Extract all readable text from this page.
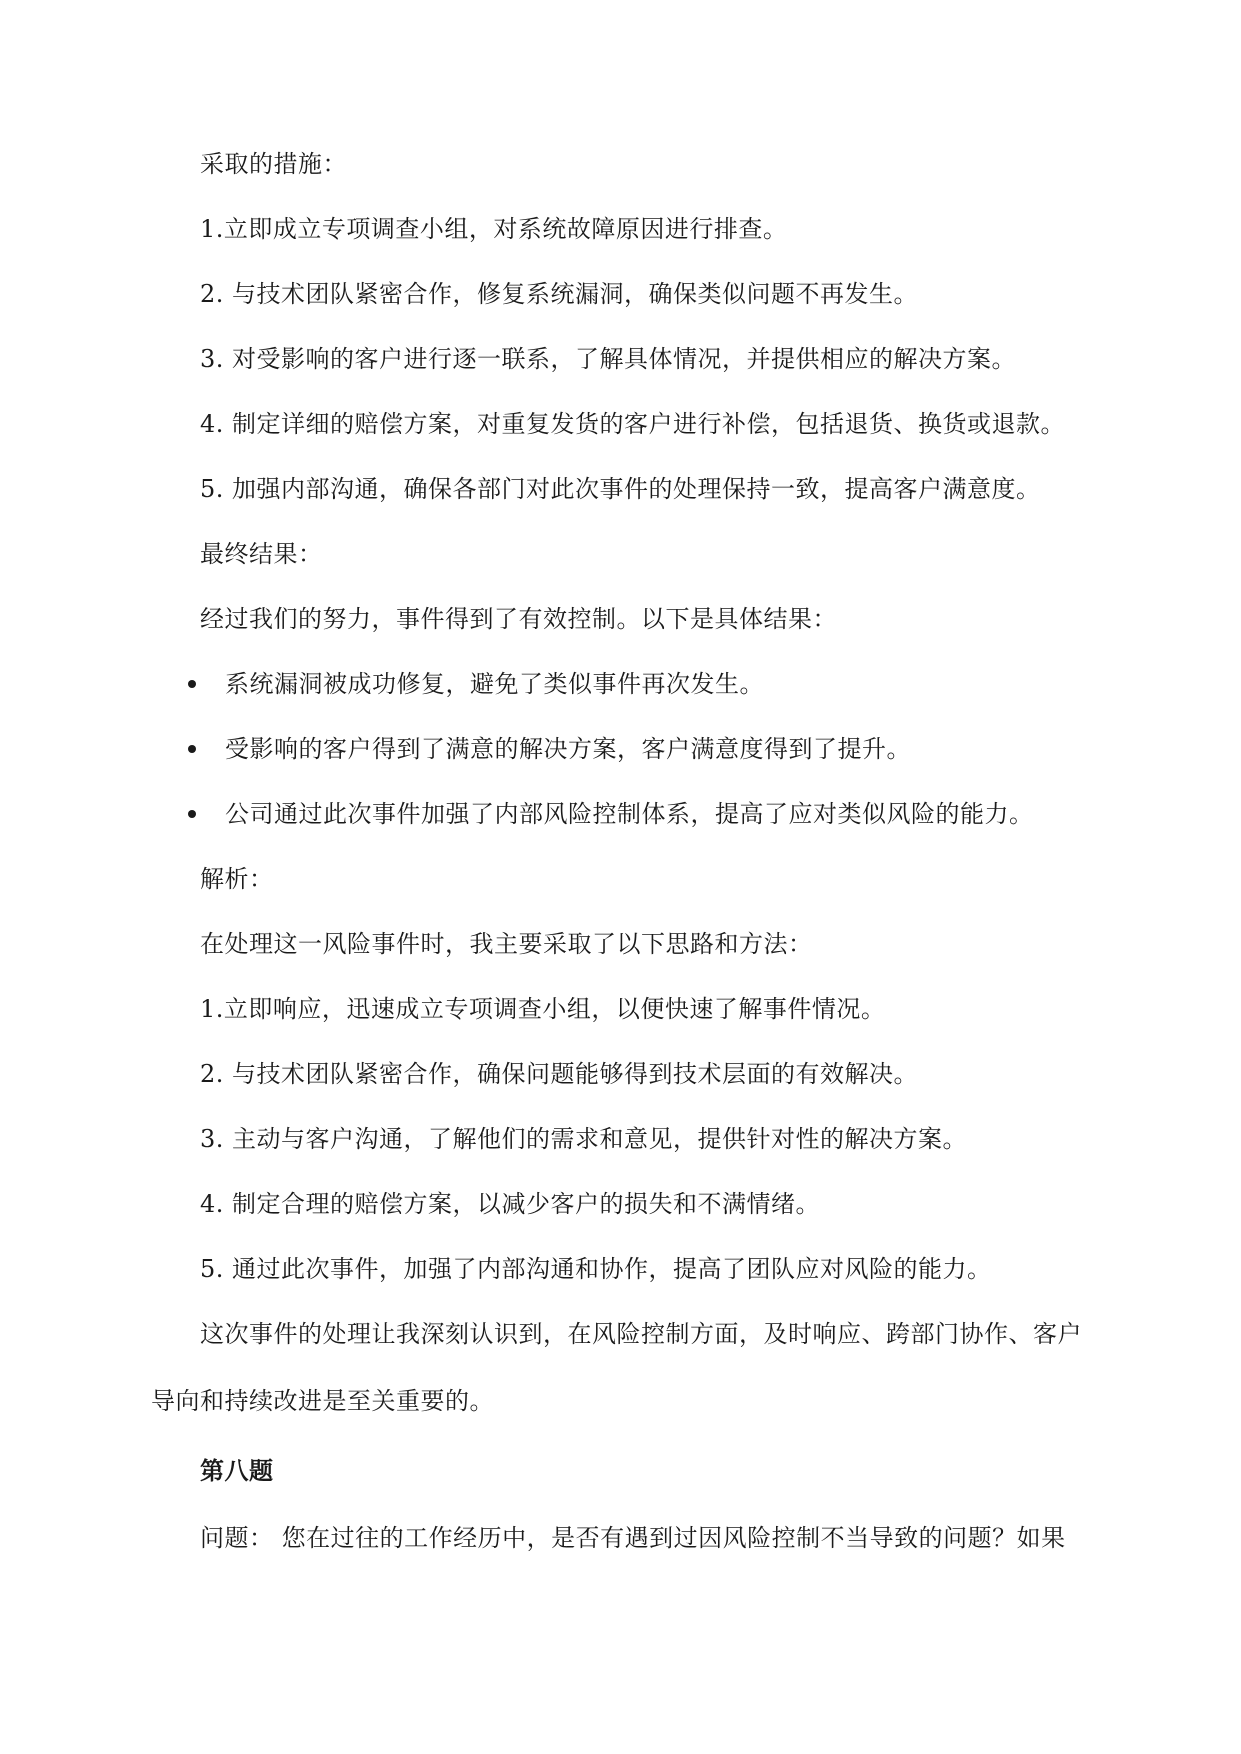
采取的措施：
1.立即成立专项调查小组，对系统故障原因进行排查。
2. 与技术团队紧密合作，修复系统漏洞，确保类似问题不再发生。
3. 对受影响的客户进行逐一联系，了解具体情况，并提供相应的解决方案。
4. 制定详细的赔偿方案，对重复发货的客户进行补偿，包括退货、换货或退款。
5. 加强内部沟通，确保各部门对此次事件的处理保持一致，提高客户满意度。
最终结果：
经过我们的努力，事件得到了有效控制。以下是具体结果：
系统漏洞被成功修复，避免了类似事件再次发生。
受影响的客户得到了满意的解决方案，客户满意度得到了提升。
公司通过此次事件加强了内部风险控制体系，提高了应对类似风险的能力。
解析：
在处理这一风险事件时，我主要采取了以下思路和方法：
1.立即响应，迅速成立专项调查小组，以便快速了解事件情况。
2. 与技术团队紧密合作，确保问题能够得到技术层面的有效解决。
3. 主动与客户沟通，了解他们的需求和意见，提供针对性的解决方案。
4. 制定合理的赔偿方案，以减少客户的损失和不满情绪。
5. 通过此次事件，加强了内部沟通和协作，提高了团队应对风险的能力。
这次事件的处理让我深刻认识到，在风险控制方面，及时响应、跨部门协作、客户
导向和持续改进是至关重要的。
第八题
问题： 您在过往的工作经历中，是否有遇到过因风险控制不当导致的问题？如果
